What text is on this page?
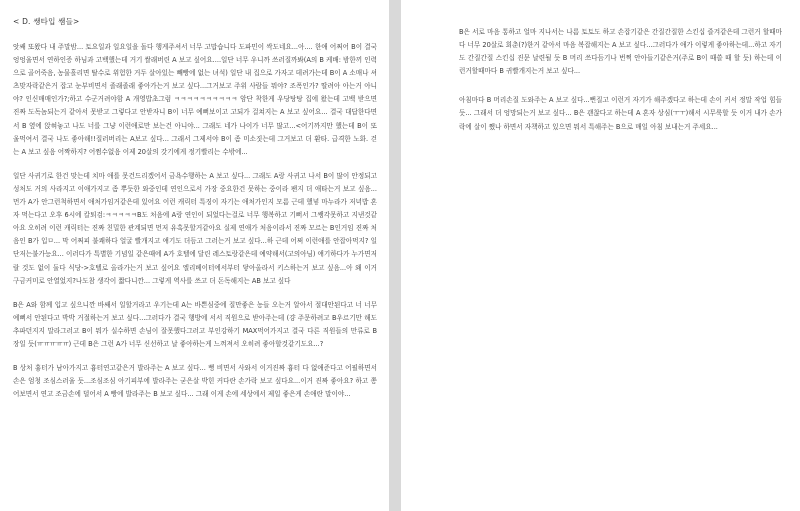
< D. 쌩타입 쌤들>

앗쌔 또왔다 내 주말밤... 토요일과 일요일을 돌다 행게주셔서 너무 고맙습니다 도파민이 싹도네요...아.... 한애 어쩌어 B이 결국 엉엉울면서 연하인증 하님과 고백했는데 거기 쌀래버린 A 보고 싶어요....일단 너무 우니까 쓰러질까봐(A의 B 케배: 밤한끼 인력으로 골어죽음, 농물흘리면 탈수로 위험한 거두 살아있는 빼빵에 없는 녀석) 일단 내 집으로 가자고 데려가는데 B이 A 소매나 셔츠맞자락같은거 잡고 눈부비면서 졸래졸래 좋아가는거 보고 싶다...그거보고 주위 사람들 뭐야? 조폭인가? 딸려아 아는거 아니야? 인신매매인가?;하고 수군거려야함 A 개영밥초그럼 ㅋㅋㅋㅋㅋㅋㅋㅋㅋㅋ 암단 착한게 우당탕탕 집에 왔는데 고백 받으면 진짜 도독놈되는거 같아서 못받고 그렇다고 안받자니 B이 너무 예뻐보이고 고되가 걸쳐지는 A 보고 싶어요... 결국 대답한다면서 B 옆에 앉혀놓고 나도 너를 그냥 이런애로만 보는건 아니야... 그래도 네가 나이가 너무 많고...<어기까지만 했는데 B이 또 울먹여서 결국 나도 좋아해!!질러버리는 A보고 싶다... 그래서 그제서야 B이 좀 미소짓는데 그거보고 더 환타. 급격한 노화. 걷는 A 보고 싶음 어짝하지? 어쩜수없음 이제 20살의 갓기에게 정기빨리는 수밖에...

일단 사귀기로 한건 맞는데 치마 애를 못건드리겠어서 금욕수행하는 A 보고 싶다... 그래도 A랑 사귀고 나서 B이 많이 안정되고 성처도 거의 사라지고 이애가지고 좀 뿌듯한 와중인데 연인으로서 가장 중요한건 못하는 중이라 팬지 더 애타는거 보고 싶음...먼가 A가 안그런척하면서 애처가임거같은데 있어요 이런 캐릭터 특징이 자기는 애처가인지 모름 근데 했넣 마누라가 저녁밥 혼자 먹는다고 오후 6시에 칼퇴검:ㅋㅋㅋㅋㅋB도 처음에 A랑 연인이 되었다는걸로 너무 행복하고 기뻐서 그쌩각못하고 지낸것같아요 오히려 이런 캐릭터는 진짜 친밀한 관계되면 먼저 유혹못할거같아요 실제 연애가 처음이라서 진짜 모르는 B인거임 진짜 처음인 B가 입ㅁ... 막 어쩌피 불쾌하다 얼굴 빨개지고 얘기도 더듬고 그러는거 보고 싶다...하 근데 어쩌 이런애를 안잡아먹지? 일단저는불가능요... 이러다가 특별한 기념일 같은때에 A가 호텔에 달린 레스토랑같은데 예약해서(고의아님) 얘기하다가 누가면저랄 것도 없이 둘다 식당->호텔로 올라가는거 보고 싶어요 엘리베이터에서부터 닿아올라서 키스하는거 보고 싶음...아 왜 이거 구금커미로 안열었지?나도참 생각이 짧다니깐... 그렇게 역사를 쓰고 더 돈독해지는 AB 보고 싶다

B은 A와 함께 입고 싶으니깐 바쌔서 일할거라고 우기는데 A는 바쁜심중에 질만좋은 농들 오는거 알아서 절대안된다고 너 너무 예뻐서 안된다고 박박 거절하는거 보고 싶다...그러다가 결국 행방에 서서 직원으로 받아주는데 (걍 주문하려고 B우르기만 해도 추파던지지 말라그러고 B이 뭐가 실수하면 손님이 잘못했다그러고 부인강하기 MAX먹어가지고 결국 다른 직원들의 만류로 B 장일 듯(ㅠㅠㅠㅠㅠ) 근데 B은 그런 A가 너무 신선하고 날 좋아하는게 느껴져서 오히려 좋아할것같기도요...?

B 상처 흉터가 남아가지고 흉터연고같은거 발라주는 A 보고 싶다... 뻥 비면서 사와서 이거진짜 흉터 다 없애준다고 어필하면서 손은 엄청 조심스러울 듯...조심조심 아기피부에 발라주는 굳은살 박힌 커다란 손가락 보고 싶다요...이거 진짜 좋아요? 하고 쫑어보면서 연고 조금손에 덜어서 A 빵에 발라주는 B 보고 싶다... 그래 이게 손에 세상에서 제일 좋은게 손애란 말이야...

B은 서로 마음 통하고 얼마 지나서는 나름 토토도 하고 손잡기같은 간질간질한 스킨십 즐겨같은데 그런거 할때마다 너무 20살로 회춘(?)한거 같아서 마음 복잡해지는 A 보고 싶다...그러다가 애가 이렇게 좋아하는데...하고 자기도 간질간질 스킨십 진문 날련될 듯 B 머리 쓰다듬기나 번쩍 안아들기같은거(주로 B이 때쓸 때 할 듯) 하는데 이런거할때마다 B 귀빨개지는거 보고 싶다...

아침마다 B 머리손질 도와주는 A 보고 싶다...뻔질고 이런거 자기가 해주겠다고 하는데 손이 커서 정말 작업 힘들 듯... 그래서 더 엉망되는거 보고 싶다... B은 괜찮다고 하는데 A 혼자 상심(ㅜㅜ)해서 시무룩할 듯 이거 내가 손가락에 살이 쨌나 하면서 자책하고 있으면 뭐서 특해주는 B으로 매일 아침 보내는거 주세요...
